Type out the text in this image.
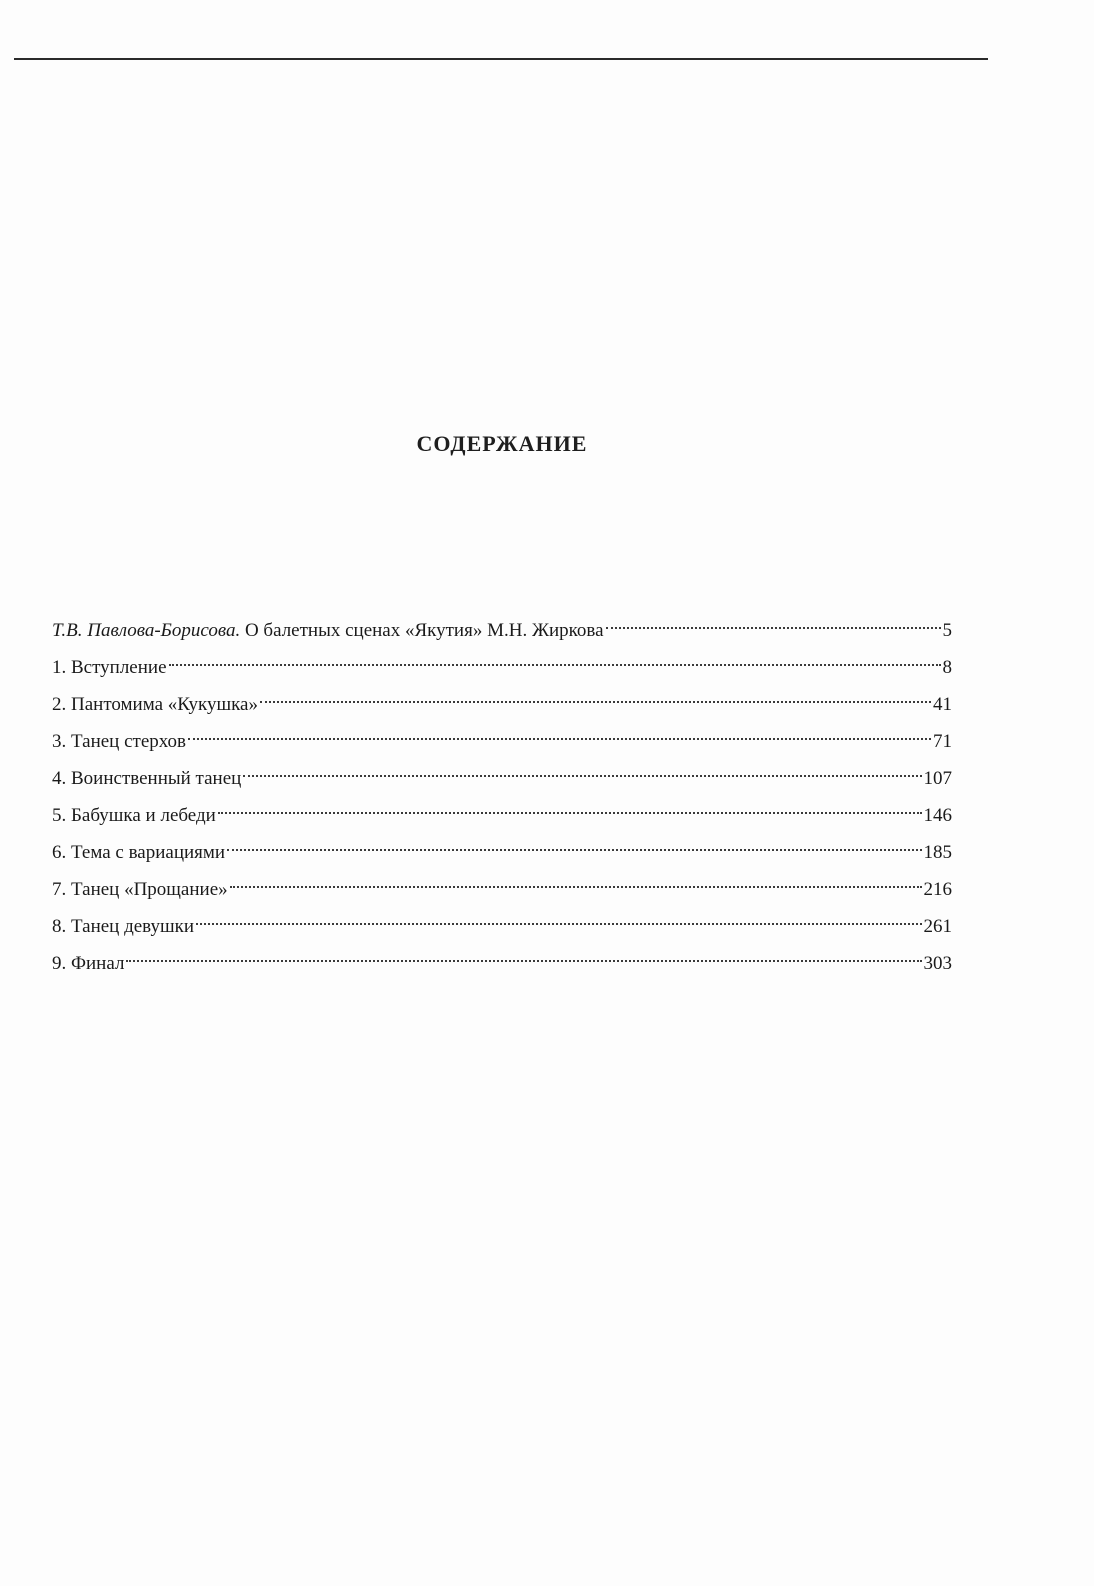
СОДЕРЖАНИЕ
Т.В. Павлова-Борисова. О балетных сценах «Якутия» М.Н. Жиркова	5
1. Вступление	8
2. Пантомима «Кукушка»	41
3. Танец стерхов	71
4. Воинственный танец	107
5. Бабушка и лебеди	146
6. Тема с вариациями	185
7. Танец «Прощание»	216
8. Танец девушки	261
9. Финал	303
